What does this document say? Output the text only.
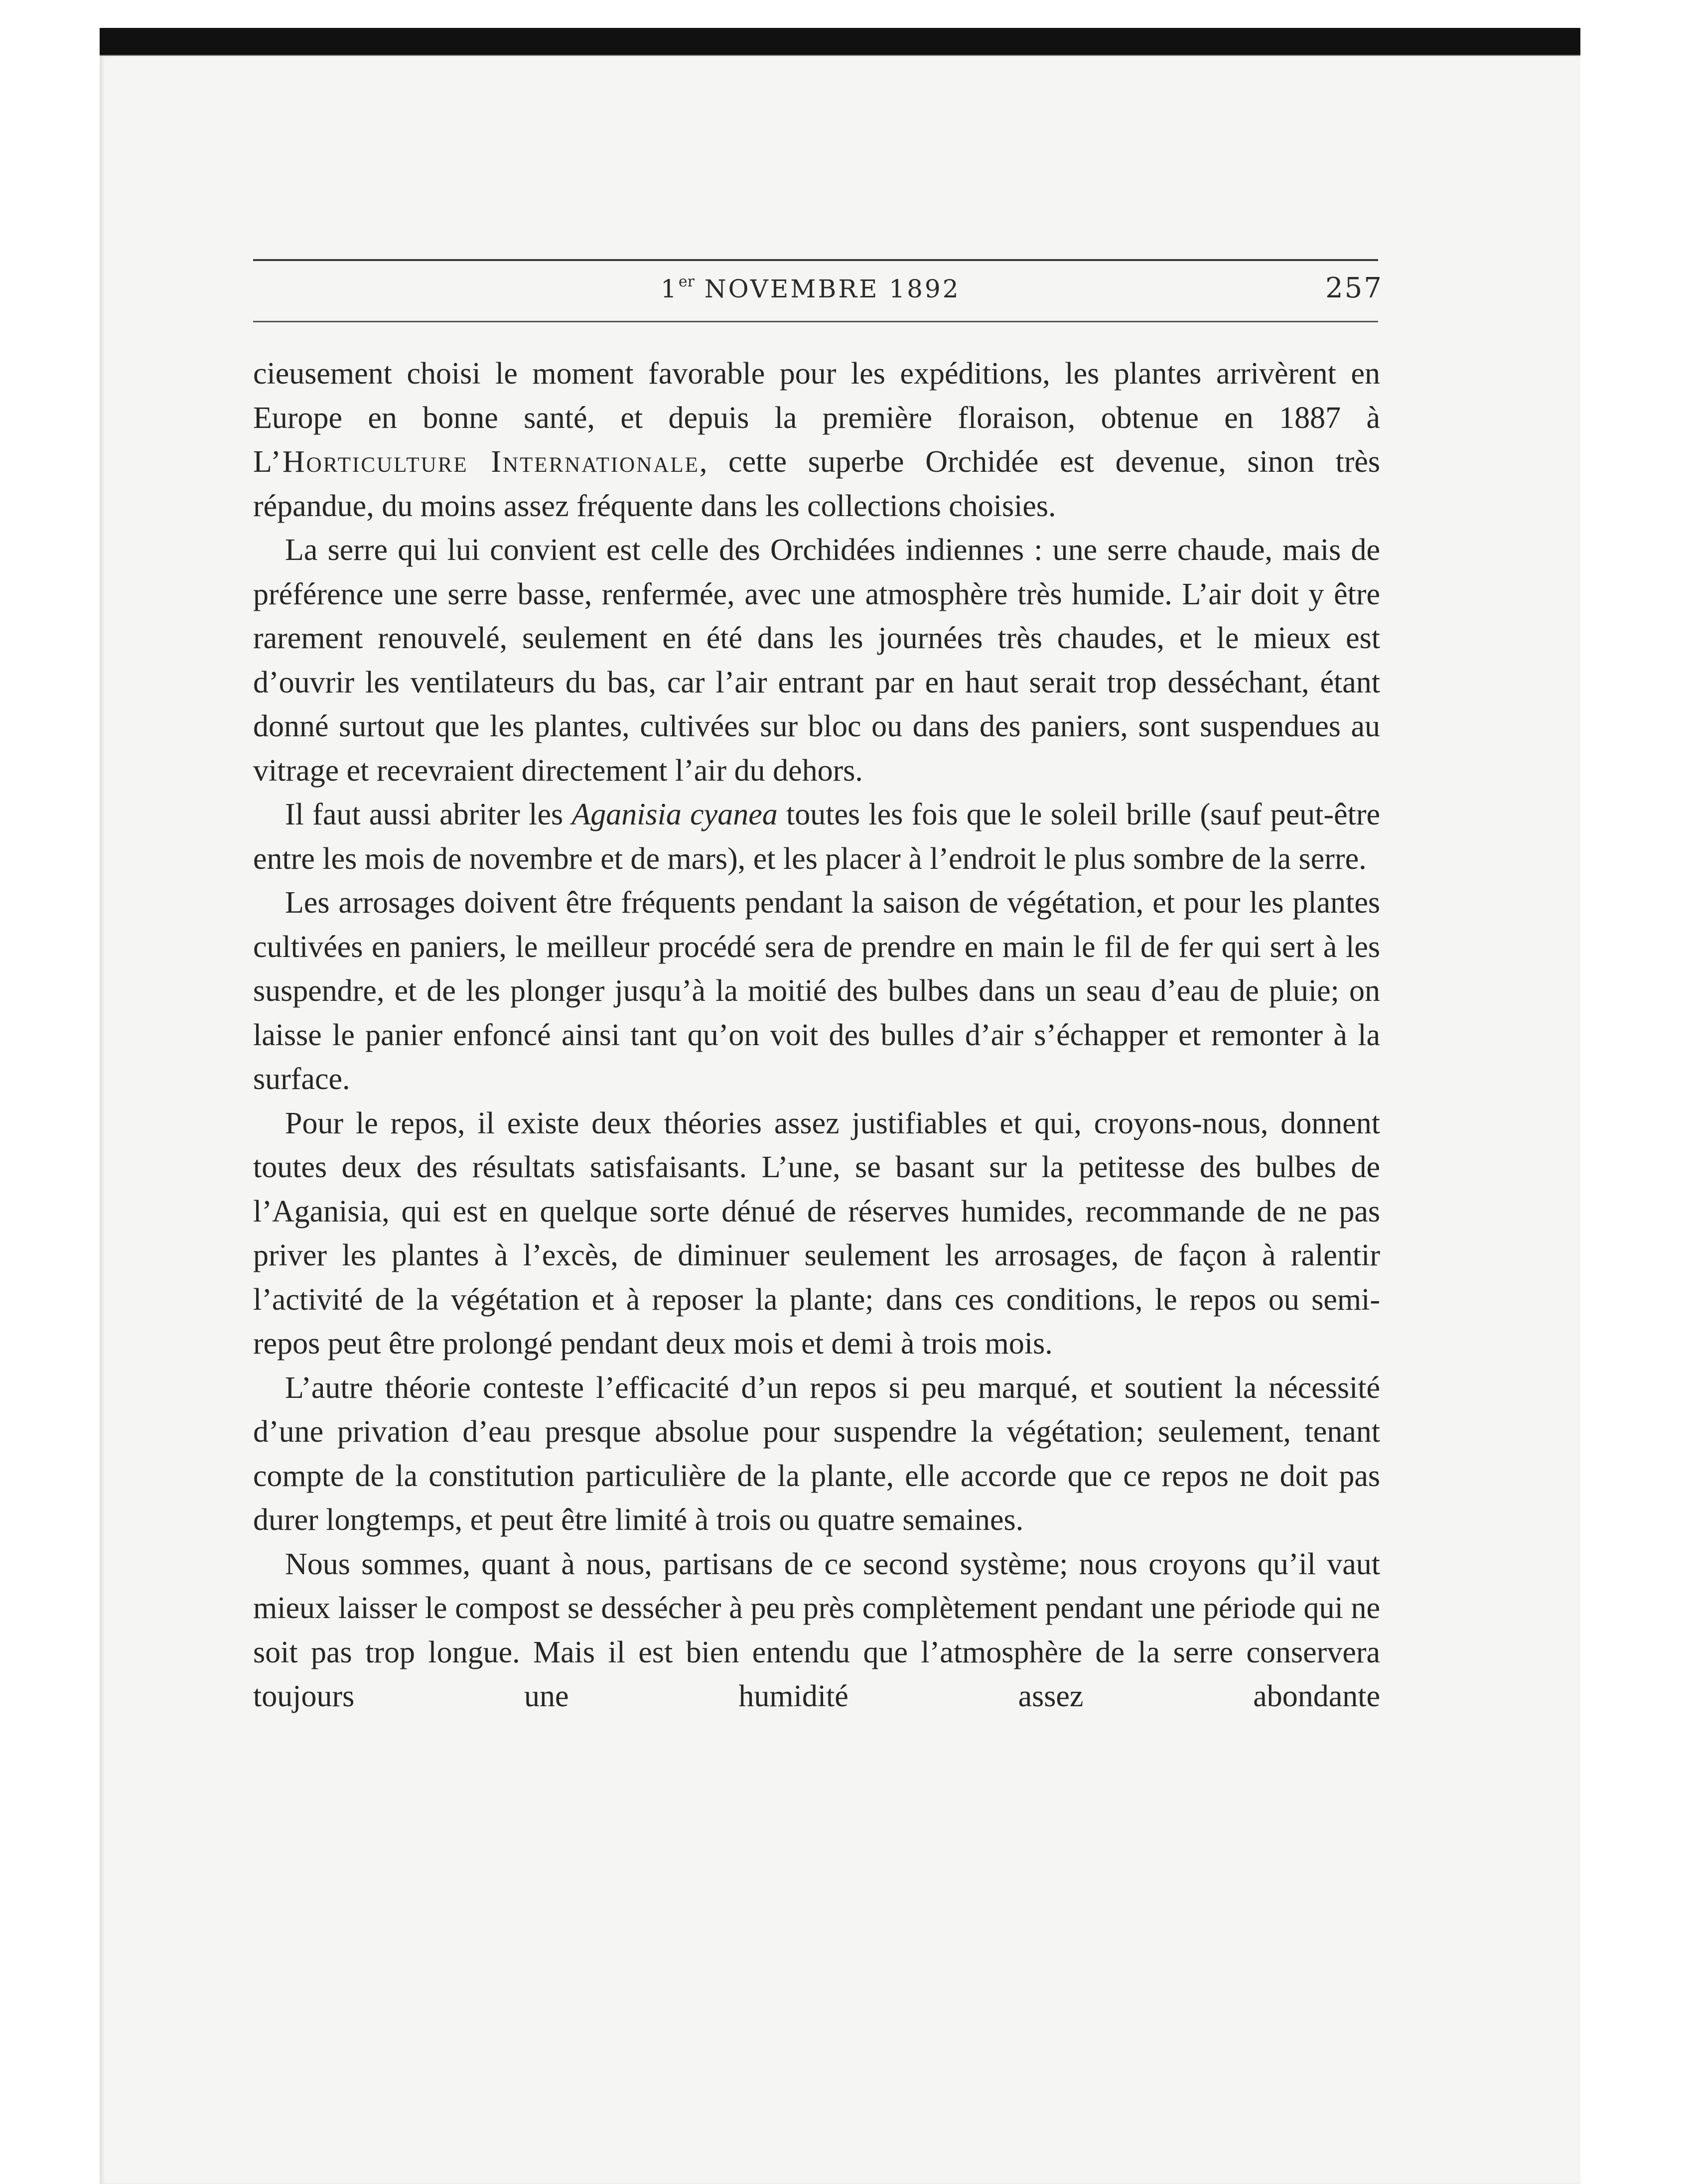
1er NOVEMBRE 1892	257

cieusement choisi le moment favorable pour les expéditions, les plantes arrivèrent en Europe en bonne santé, et depuis la première floraison, obtenue en 1887 à L’Horticulture Internationale, cette superbe Orchidée est devenue, sinon très répandue, du moins assez fréquente dans les collections choisies.

La serre qui lui convient est celle des Orchidées indiennes : une serre chaude, mais de préférence une serre basse, renfermée, avec une atmosphère très humide. L’air doit y être rarement renouvelé, seulement en été dans les journées très chaudes, et le mieux est d’ouvrir les ventilateurs du bas, car l’air entrant par en haut serait trop desséchant, étant donné surtout que les plantes, cultivées sur bloc ou dans des paniers, sont suspendues au vitrage et recevraient directement l’air du dehors.

Il faut aussi abriter les Aganisia cyanea toutes les fois que le soleil brille (sauf peut-être entre les mois de novembre et de mars), et les placer à l’endroit le plus sombre de la serre.

Les arrosages doivent être fréquents pendant la saison de végétation, et pour les plantes cultivées en paniers, le meilleur procédé sera de prendre en main le fil de fer qui sert à les suspendre, et de les plonger jusqu’à la moitié des bulbes dans un seau d’eau de pluie; on laisse le panier enfoncé ainsi tant qu’on voit des bulles d’air s’échapper et remonter à la surface.

Pour le repos, il existe deux théories assez justifiables et qui, croyons-nous, donnent toutes deux des résultats satisfaisants. L’une, se basant sur la petitesse des bulbes de l’Aganisia, qui est en quelque sorte dénué de réserves humides, recommande de ne pas priver les plantes à l’excès, de diminuer seulement les arrosages, de façon à ralentir l’activité de la végétation et à reposer la plante; dans ces conditions, le repos ou semi-repos peut être prolongé pendant deux mois et demi à trois mois.

L’autre théorie conteste l’efficacité d’un repos si peu marqué, et soutient la nécessité d’une privation d’eau presque absolue pour suspendre la végétation; seulement, tenant compte de la constitution particulière de la plante, elle accorde que ce repos ne doit pas durer longtemps, et peut être limité à trois ou quatre semaines.

Nous sommes, quant à nous, partisans de ce second système; nous croyons qu’il vaut mieux laisser le compost se dessécher à peu près complètement pendant une période qui ne soit pas trop longue. Mais il est bien entendu que l’atmosphère de la serre conservera toujours une humidité assez abondante
